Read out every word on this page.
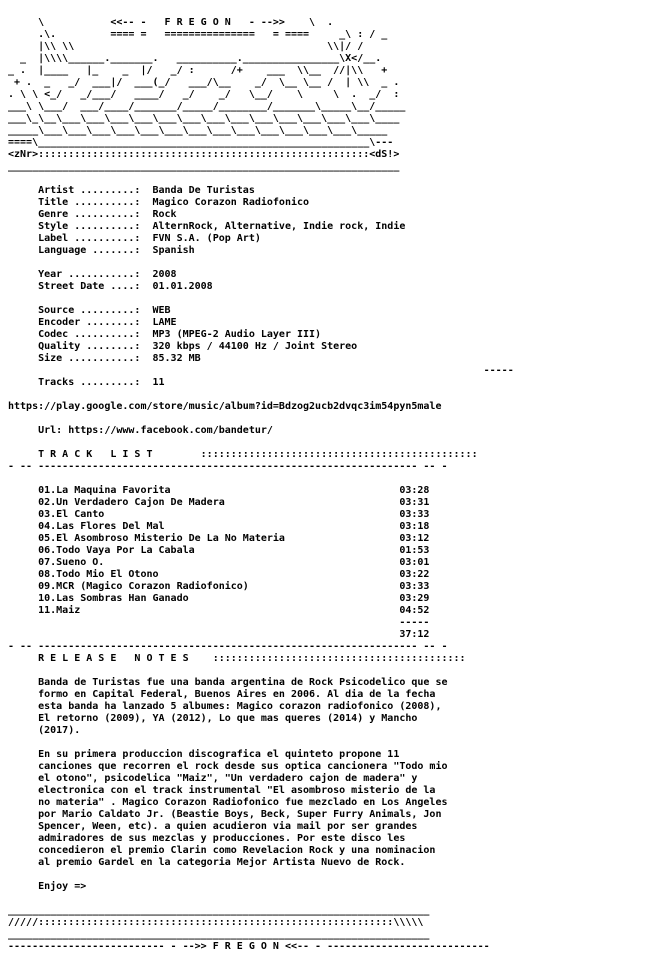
\           <<-- -   F R E G O N   - -->>    \  .
.\.         ==== =   ===============   = ====     _\ : / _
|\\ \\                                          \\|/ /
_  |\\\\______._______.   __________.________________\X</__.
_ .  |____   |_    _  |/   _/ :      /+    ___  \\__  //|\\   +
+ .  _   _/  ___|/  ___(_/   ___/\__    _/  \__ \__ /  | \\  _ .
. \ \ <_/   _/___/   ____/   _/    _/   \__/    \     \  .  _/  :
___\ \___/  ___/____/_______/_____/________/_______\_____\__/_____
___\_\__\___\___\___\___\___\___\___\___\___\___\___\___\___\____
_____\___\___\___\___\___\___\___\___\___\___\___\___\___\_____
====\_______________________________________________________\---
<zNr>:::::::::::::::::::::::::::::::::::::::::::::::::::::::<dS!>
_________________________________________________________________
Artist .........:  Banda De Turistas
Title ..........:  Magico Corazon Radiofonico
Genre ..........:  Rock
Style ..........:  AlternRock, Alternative, Indie rock, Indie
Label ..........:  FVN S.A. (Pop Art)
Language .......:  Spanish
Year ...........:  2008
Street Date ....:  01.01.2008
Source .........:  WEB
Encoder ........:  LAME
Codec ..........:  MP3 (MPEG-2 Audio Layer III)
Quality ........:  320 kbps / 44100 Hz / Joint Stereo
Size ...........:  85.32 MB
-----
Tracks .........:  11
https://play.google.com/store/music/album?id=Bdzog2ucb2dvqc3im54pyn5male
Url: https://www.facebook.com/bandetur/
T R A C K   L I S T        ::::::::::::::::::::::::::::::::::::::::::::::
- -- --------------------------------------------------------------- -- -
01.La Maquina Favorita                                      03:28
02.Un Verdadero Cajon De Madera                             03:31
03.El Canto                                                 03:33
04.Las Flores Del Mal                                       03:18
05.El Asombroso Misterio De La No Materia                   03:12
06.Todo Vaya Por La Cabala                                  01:53
07.Sueno O.                                                 03:01
08.Todo Mio El Otono                                        03:22
09.MCR (Magico Corazon Radiofonico)                         03:33
10.Las Sombras Han Ganado                                   03:29
11.Maiz                                                     04:52
-----
37:12
- -- --------------------------------------------------------------- -- -
R E L E A S E   N O T E S    ::::::::::::::::::::::::::::::::::::::::::
Banda de Turistas fue una banda argentina de Rock Psicodelico que se
formo en Capital Federal, Buenos Aires en 2006. Al dia de la fecha
esta banda ha lanzado 5 albumes: Magico corazon radiofonico (2008),
El retorno (2009), YA (2012), Lo que mas queres (2014) y Mancho
(2017).
En su primera produccion discografica el quinteto propone 11
canciones que recorren el rock desde sus optica cancionera "Todo mio
el otono", psicodelica "Maiz", "Un verdadero cajon de madera" y
electronica con el track instrumental "El asombroso misterio de la
no materia" . Magico Corazon Radiofonico fue mezclado en Los Angeles
por Mario Caldato Jr. (Beastie Boys, Beck, Super Furry Animals, Jon
Spencer, Ween, etc). a quien acudieron via mail por ser grandes
admiradores de sus mezclas y producciones. Por este disco les
concedieron el premio Clarin como Revelacion Rock y una nominacion
al premio Gardel en la categoria Mejor Artista Nuevo de Rock.
Enjoy =>
______________________________________________________________________
/////:::::::::::::::::::::::::::::::::::::::::::::::::::::::::::\\\\\
______________________________________________________________________
-------------------------- - -->> F R E G O N <<-- - ---------------------------
